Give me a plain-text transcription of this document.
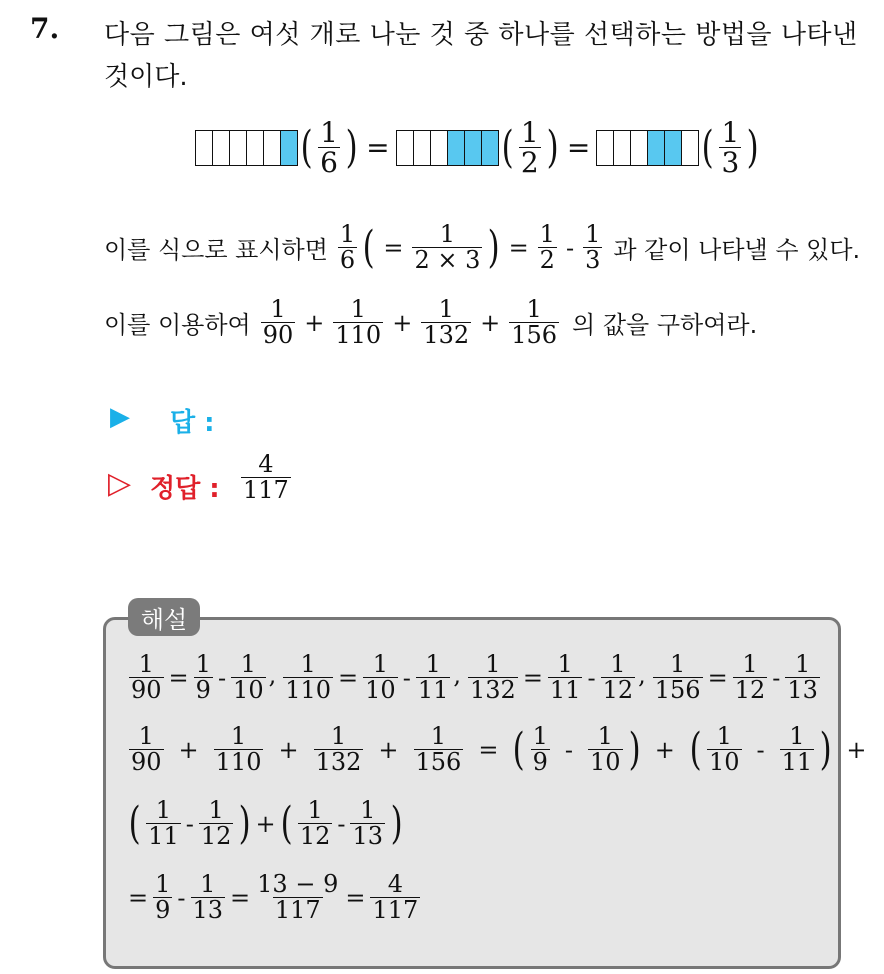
7. 다음 그림은 여섯 개로 나눈 것 중 하나를 선택하는 방법을 나타낸
것이다.
( $\frac{1}{6}$ ) =	( $\frac{1}{2}$ ) =	( $\frac{1}{3}$ )
이를 식으로 표시하면 $\frac{1}{6}$ ( = $\frac{1}{2 \times 3}$ ) = $\frac{1}{2} - \frac{1}{3}$ 과 같이 나타낼 수 있다.
이를 이용하여 $\frac{1}{90} + \frac{1}{110} + \frac{1}{132} + \frac{1}{156}$ 의 값을 구하여라.
▶ 답 :
▷ 정답 : $\frac{4}{117}$
해설
$\frac{1}{90} = \frac{1}{9} - \frac{1}{10}$ , $\frac{1}{110} = \frac{1}{10} - \frac{1}{11}$ , $\frac{1}{132} = \frac{1}{11} - \frac{1}{12}$ , $\frac{1}{156} = \frac{1}{12} - \frac{1}{13}$
$\frac{1}{90} + \frac{1}{110} + \frac{1}{132} + \frac{1}{156}$ = ( $\frac{1}{9} - \frac{1}{10}$ ) + ( $\frac{1}{10} - \frac{1}{11}$ ) +
( $\frac{1}{11} - \frac{1}{12}$ ) + ( $\frac{1}{12} - \frac{1}{13}$ )
= $\frac{1}{9} - \frac{1}{13} = \frac{13 - 9}{117} = \frac{4}{117}$
